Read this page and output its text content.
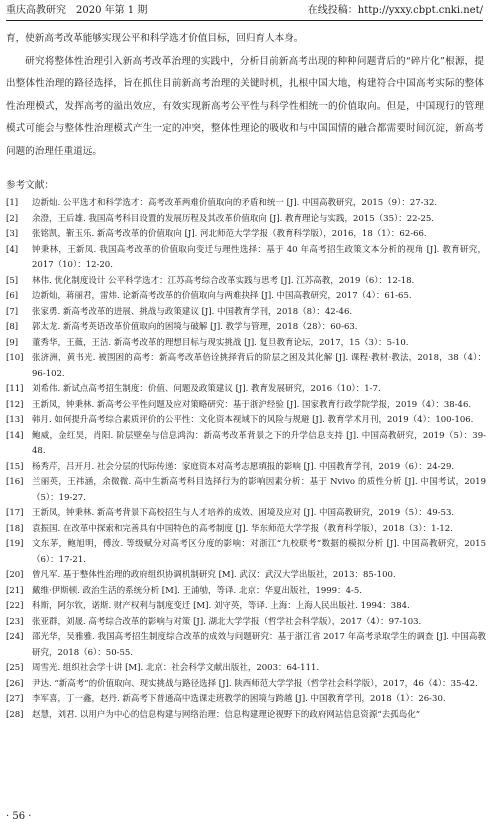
重庆高教研究　2020 年第 1 期	在线投稿：http://yxxy.cbpt.cnki.net/

育，使新高考改革能够实现公平和科学选才价值目标，回归育人本身。

研究将整体性治理引入新高考改革治理的实践中，分析目前新高考出现的种种问题背后的“碎片化”根源，提出整体性治理的路径选择，旨在抓住目前新高考治理的关键时机，扎根中国大地，构建符合中国高考实际的整体性治理模式，发挥高考的溢出效应，有效实现新高考公平性与科学性相统一的价值取向。但是，中国现行的管理模式可能会与整体性治理模式产生一定的冲突，整体性理论的吸收和与中国国情的融合都需要时间沉淀，新高考问题的治理任重道远。

参考文献：
[1] 边新灿. 公平选才和科学选才：高考改革两难价值取向的矛盾和统一 [J]. 中国高教研究，2015（9）：27-32.
[2] 余澄，王后雄. 我国高考科目设置的发展历程及其改革价值取向 [J]. 教育理论与实践，2015（35）：22-25.
[3] 张铭凯，靳玉乐. 新高考改革的价值取向 [J]. 河北师范大学学报（教育科学版），2016，18（1）：62-66.
[4] 钟秉林，王新凤. 我国高考改革的价值取向变迁与理性选择：基于 40 年高考招生政策文本分析的视角 [J]. 教育研究，2017（10）：12-20.
[5] 林伟. 优化制度设计 公平科学选才：江苏高考综合改革实践与思考 [J]. 江苏高教，2019（6）：12-18.
[6] 边新灿，蒋丽君，雷炜. 论新高考改革的价值取向与两难抉择 [J]. 中国高教研究，2017（4）：61-65.
[7] 张家勇. 新高考改革的进展、挑战与政策建议 [J]. 中国教育学刊，2018（8）：42-46.
[8] 郭太龙. 新高考英语改革价值取向的困境与破解 [J]. 教学与管理，2018（28）：60-63.
[9] 董秀华，王薇，王洁. 新高考改革的理想目标与现实挑战 [J]. 复旦教育论坛，2017，15（3）：5-10.
[10] 张济洲，黄书光. 被围困的高考：新高考改革倍诠挑择背后的阶层之困及其化解 [J]. 课程·教材·教法，2018，38（4）：96-102.
[11] 刘希伟. 新试点高考招生制度：价值、问题及政策建议 [J]. 教育发展研究，2016（10）：1-7.
[12] 王新凤，钟秉林. 新高考公平性问题及应对策略研究：基于浙沪经验 [J]. 国家教育行政学院学报，2019（4）：38-46.
[13] 韩月. 如何提升高考综合素质评价的公平性：文化资本视域下的风险与规避 [J]. 教育学术月刊，2019（4）：100-106.
[14] 鲍威，金红昊，肖阳. 阶层壁垒与信息鸿沟：新高考改革背景之下的升学信息支持 [J]. 中国高教研究，2019（5）：39-48.
[15] 杨秀芹，吕开月. 社会分层的代际传递：家庭资本对高考志愿填报的影响 [J]. 中国教育学刊，2019（6）：24-29.
[16] 兰丽英，王祎涵，余微微. 高中生新高考科目选择行为的影响因素分析：基于 Nvivo 的质性分析 [J]. 中国考试，2019（5）：19-27.
[17] 王新凤，钟秉林. 新高考背景下高校招生与人才培养的成效、困境及应对 [J]. 中国高教研究，2019（5）：49-53.
[18] 袁振国. 在改革中探索和完善具有中国特色的高考制度 [J]. 华东师范大学学报（教育科学版），2018（3）：1-12.
[19] 文东茅，鲍旭明，傅汝. 等级赋分对高考区分度的影响：对浙江“九校联考”数据的模拟分析 [J]. 中国高教研究，2015（6）：17-21.
[20] 曾凡军. 基于整体性治理的政府组织协调机制研究 [M]. 武汉：武汉大学出版社，2013：85-100.
[21] 戴维·伊斯顿. 政治生活的系统分析 [M]. 王浦劬，等译. 北京：华夏出版社，1999：4-5.
[22] 科斯，阿尔钦，诺斯. 财产权利与制度变迁 [M]. 刘守英，等译. 上海：上海人民出版社. 1994：384.
[23] 张亚群，刘晟. 高考综合改革的影响与对策 [J]. 湖北大学学报（哲学社会科学版），2017（4）：97-103.
[24] 邵光华，吴雅雅. 我国高考招生制度综合改革的成效与问题研究：基于浙江省 2017 年高考录取学生的调查 [J]. 中国高教研究，2018（6）：50-55.
[25] 周雪光. 组织社会学十讲 [M]. 北京：社会科学文献出版社，2003：64-111.
[26] 尹达. “新高考”的价值取向、现实挑战与路径选择 [J]. 陕西师范大学学报（哲学社会科学版），2017，46（4）：35-42.
[27] 李军喜，丁一鑫，赵丹. 新高考下普通高中选课走班教学的困境与跨越 [J]. 中国教育学刊，2018（1）：26-30.
[28] 赵慧，刘君. 以用户为中心的信息构建与网络治理：信息构建理论视野下的政府网站信息资源“去孤岛化”
· 56 ·
